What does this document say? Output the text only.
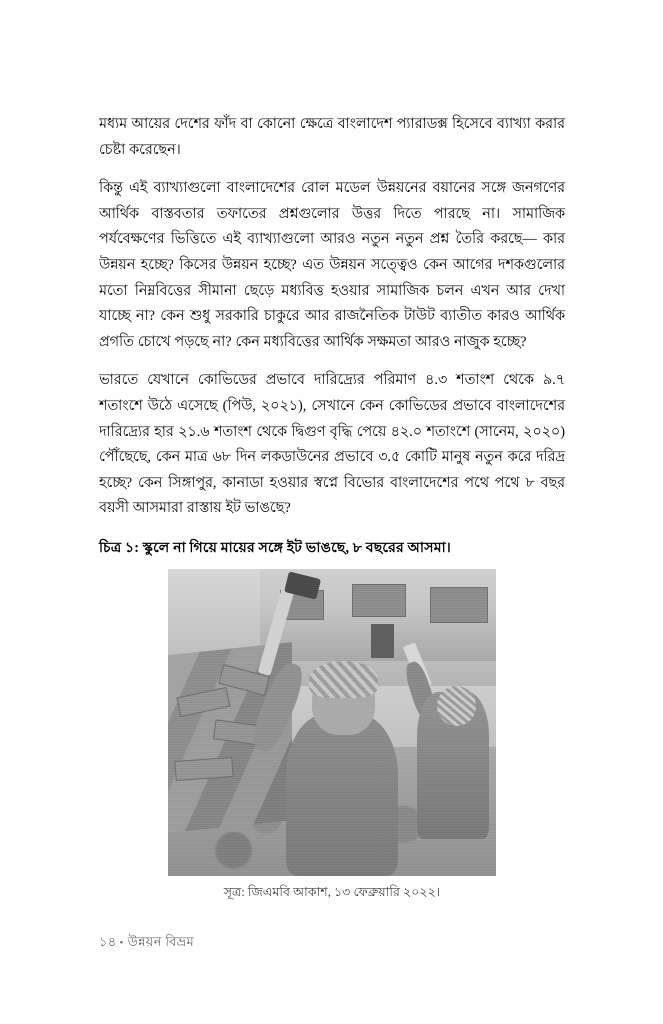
মধ্যম আয়ের দেশের ফাঁদ বা কোনো ক্ষেত্রে বাংলাদেশ প্যারাডক্স হিসেবে ব্যাখ্যা করার চেষ্টা করেছেন।

কিন্তু এই ব্যাখ্যাগুলো বাংলাদেশের রোল মডেল উন্নয়নের বয়ানের সঙ্গে জনগণের আর্থিক বাস্তবতার তফাতের প্রশ্নগুলোর উত্তর দিতে পারছে না। সামাজিক পর্যবেক্ষণের ভিত্তিতে এই ব্যাখ্যাগুলো আরও নতুন নতুন প্রশ্ন তৈরি করছে— কার উন্নয়ন হচ্ছে? কিসের উন্নয়ন হচ্ছে? এত উন্নয়ন সত্ত্বেও কেন আগের দশকগুলোর মতো নিম্নবিত্তের সীমানা ছেড়ে মধ্যবিত্ত হওয়ার সামাজিক চলন এখন আর দেখা যাচ্ছে না? কেন শুধু সরকারি চাকুরে আর রাজনৈতিক টাউট ব্যাতীত কারও আর্থিক প্রগতি চোখে পড়ছে না? কেন মধ্যবিত্তের আর্থিক সক্ষমতা আরও নাজুক হচ্ছে?

ভারতে যেখানে কোভিডের প্রভাবে দারিদ্র্যের পরিমাণ ৪.৩ শতাংশ থেকে ৯.৭ শতাংশে উঠে এসেছে (পিউ, ২০২১), সেখানে কেন কোভিডের প্রভাবে বাংলাদেশের দারিদ্র্যের হার ২১.৬ শতাংশ থেকে দ্বিগুণ বৃদ্ধি পেয়ে ৪২.০ শতাংশে (সানেম, ২০২০) পৌঁছেছে, কেন মাত্র ৬৮ দিন লকডাউনের প্রভাবে ৩.৫ কোটি মানুষ নতুন করে দরিদ্র হচ্ছে? কেন সিঙ্গাপুর, কানাডা হওয়ার স্বপ্নে বিভোর বাংলাদেশের পথে পথে ৮ বছর বয়সী আসমারা রাস্তায় ইট ভাঙছে?

চিত্র ১: স্কুলে না গিয়ে মায়ের সঙ্গে ইট ভাঙছে, ৮ বছরের আসমা।
সূত্র: জিএমবি আকাশ, ১৩ ফেব্রুয়ারি ২০২২।
১৪ • উন্নয়ন বিভ্রম
